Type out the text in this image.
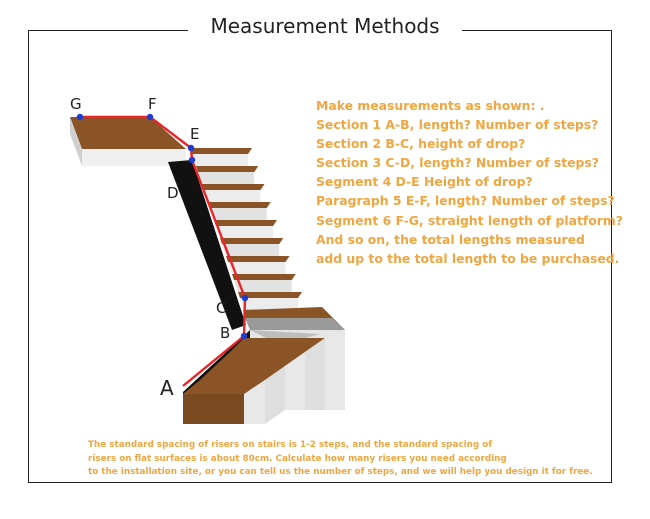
Measurement Methods
A
B
C
D
E
F
G	Make measurements as shown: .
Section 1 A-B, length? Number of steps?
Section 2 B-C, height of drop?
Section 3 C-D, length? Number of steps?
Segment 4 D-E Height of drop?
Paragraph 5 E-F, length? Number of steps?
Segment 6 F-G, straight length of platform?
And so on, the total lengths measured
add up to the total length to be purchased.
The standard spacing of risers on stairs is 1-2 steps, and the standard spacing of
risers on flat surfaces is about 80cm. Calculate how many risers you need according
to the installation site, or you can tell us the number of steps, and we will help you design it for free.
